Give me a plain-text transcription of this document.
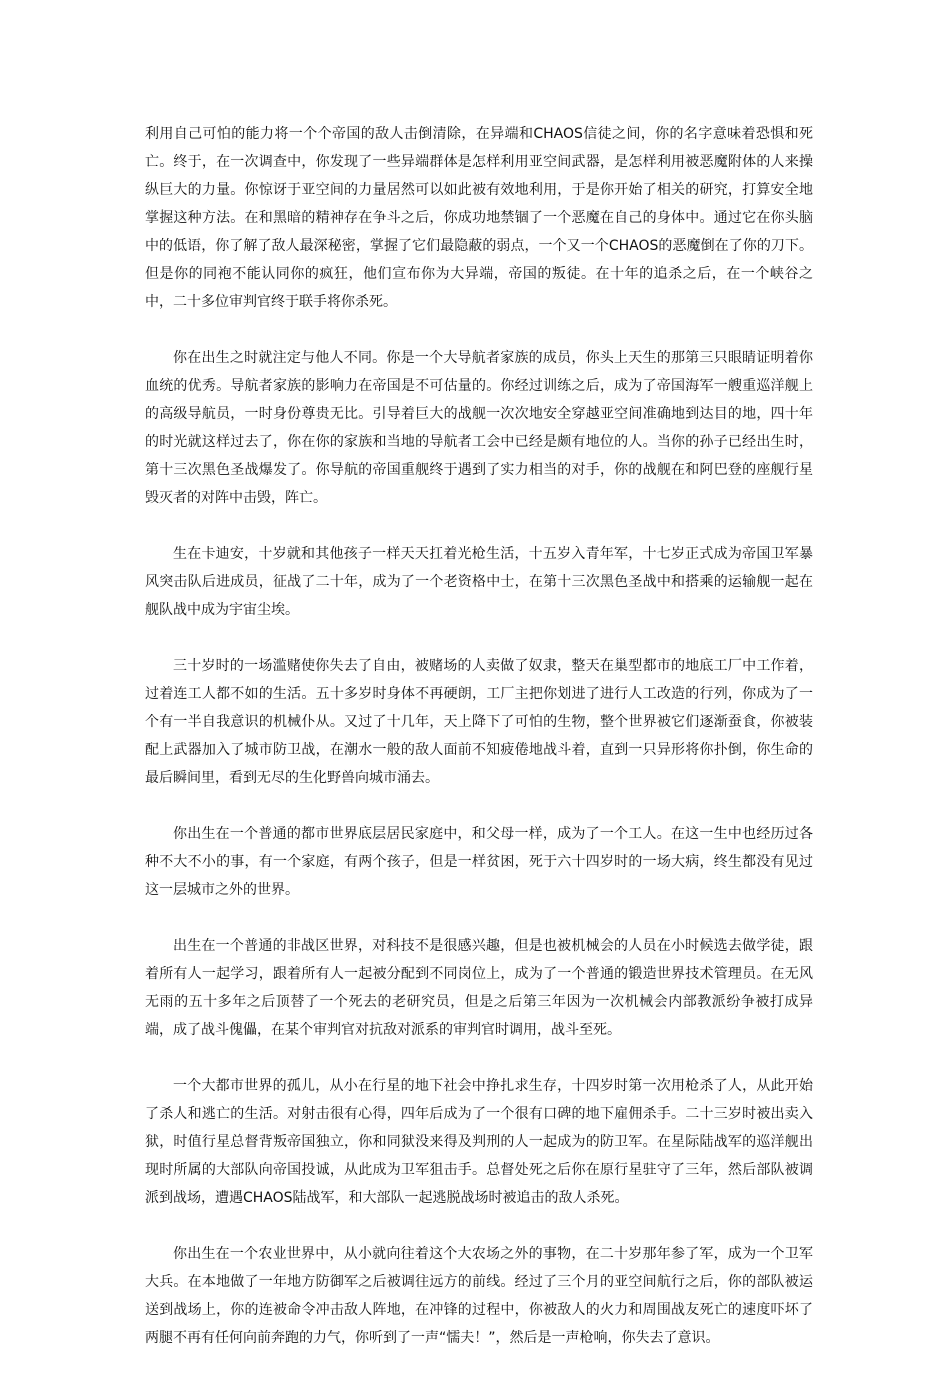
利用自己可怕的能力将一个个帝国的敌人击倒清除，在异端和CHAOS信徒之间，你的名字意味着恐惧和死亡。终于，在一次调查中，你发现了一些异端群体是怎样利用亚空间武器，是怎样利用被恶魔附体的人来操纵巨大的力量。你惊讶于亚空间的力量居然可以如此被有效地利用，于是你开始了相关的研究，打算安全地掌握这种方法。在和黑暗的精神存在争斗之后，你成功地禁锢了一个恶魔在自己的身体中。通过它在你头脑中的低语，你了解了敌人最深秘密，掌握了它们最隐蔽的弱点，一个又一个CHAOS的恶魔倒在了你的刀下。但是你的同袍不能认同你的疯狂，他们宣布你为大异端，帝国的叛徒。在十年的追杀之后，在一个峡谷之中，二十多位审判官终于联手将你杀死。

你在出生之时就注定与他人不同。你是一个大导航者家族的成员，你头上天生的那第三只眼睛证明着你血统的优秀。导航者家族的影响力在帝国是不可估量的。你经过训练之后，成为了帝国海军一艘重巡洋舰上的高级导航员，一时身份尊贵无比。引导着巨大的战舰一次次地安全穿越亚空间准确地到达目的地，四十年的时光就这样过去了，你在你的家族和当地的导航者工会中已经是颇有地位的人。当你的孙子已经出生时，第十三次黑色圣战爆发了。你导航的帝国重舰终于遇到了实力相当的对手，你的战舰在和阿巴登的座舰行星毁灭者的对阵中击毁，阵亡。

生在卡迪安，十岁就和其他孩子一样天天扛着光枪生活，十五岁入青年军，十七岁正式成为帝国卫军暴风突击队后进成员，征战了二十年，成为了一个老资格中士，在第十三次黑色圣战中和搭乘的运输舰一起在舰队战中成为宇宙尘埃。

三十岁时的一场滥赌使你失去了自由，被赌场的人卖做了奴隶，整天在巢型都市的地底工厂中工作着，过着连工人都不如的生活。五十多岁时身体不再硬朗，工厂主把你划进了进行人工改造的行列，你成为了一个有一半自我意识的机械仆从。又过了十几年，天上降下了可怕的生物，整个世界被它们逐渐蚕食，你被装配上武器加入了城市防卫战，在潮水一般的敌人面前不知疲倦地战斗着，直到一只异形将你扑倒，你生命的最后瞬间里，看到无尽的生化野兽向城市涌去。

你出生在一个普通的都市世界底层居民家庭中，和父母一样，成为了一个工人。在这一生中也经历过各种不大不小的事，有一个家庭，有两个孩子，但是一样贫困，死于六十四岁时的一场大病，终生都没有见过这一层城市之外的世界。

出生在一个普通的非战区世界，对科技不是很感兴趣，但是也被机械会的人员在小时候选去做学徒，跟着所有人一起学习，跟着所有人一起被分配到不同岗位上，成为了一个普通的锻造世界技术管理员。在无风无雨的五十多年之后顶替了一个死去的老研究员，但是之后第三年因为一次机械会内部教派纷争被打成异端，成了战斗傀儡，在某个审判官对抗敌对派系的审判官时调用，战斗至死。

一个大都市世界的孤儿，从小在行星的地下社会中挣扎求生存，十四岁时第一次用枪杀了人，从此开始了杀人和逃亡的生活。对射击很有心得，四年后成为了一个很有口碑的地下雇佣杀手。二十三岁时被出卖入狱，时值行星总督背叛帝国独立，你和同狱没来得及判刑的人一起成为的防卫军。在星际陆战军的巡洋舰出现时所属的大部队向帝国投诚，从此成为卫军狙击手。总督处死之后你在原行星驻守了三年，然后部队被调派到战场，遭遇CHAOS陆战军，和大部队一起逃脱战场时被追击的敌人杀死。

你出生在一个农业世界中，从小就向往着这个大农场之外的事物，在二十岁那年参了军，成为一个卫军大兵。在本地做了一年地方防御军之后被调往远方的前线。经过了三个月的亚空间航行之后，你的部队被运送到战场上，你的连被命令冲击敌人阵地，在冲锋的过程中，你被敌人的火力和周围战友死亡的速度吓坏了两腿不再有任何向前奔跑的力气，你听到了一声“懦夫！”，然后是一声枪响，你失去了意识。
